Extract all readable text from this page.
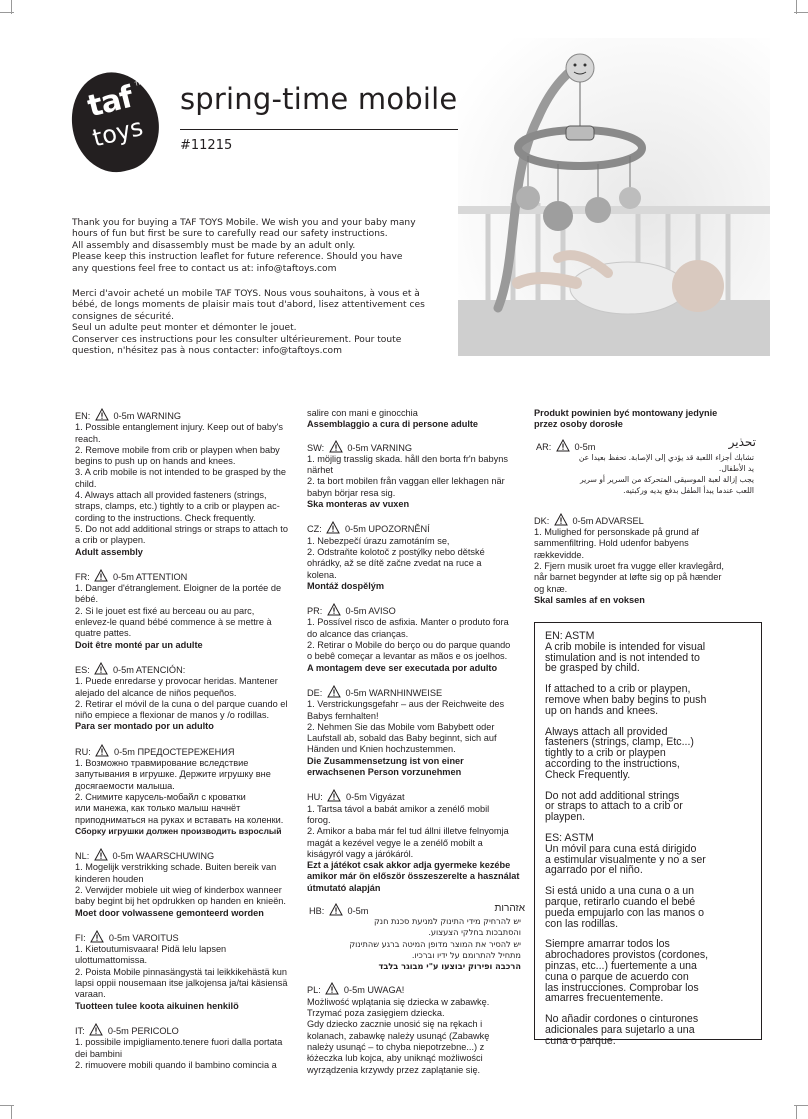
taf
TM
toys
spring-time mobile
#11215
Thank you for buying a TAF TOYS Mobile. We wish you and your baby many
hours of fun but first be sure to carefully read our safety instructions.
All assembly and disassembly must be made by an adult only.
Please keep this instruction leaflet for future reference. Should you have
any questions feel free to contact us at: info@taftoys.com
Merci d'avoir acheté un mobile TAF TOYS. Nous vous souhaitons, à vous et à
bébé, de longs moments de plaisir mais tout d'abord, lisez attentivement ces
consignes de sécurité.
Seul un adulte peut monter et démonter le jouet.
Conserver ces instructions pour les consulter ultérieurement. Pour toute
question, n'hésitez pas à nous contacter: info@taftoys.com
EN:	0-5m WARNING
1. Possible entanglement injury. Keep out of baby's
reach.
2. Remove mobile from crib or playpen when baby
begins to push up on hands and knees.
3. A crib mobile is not intended to be grasped by the
child.
4. Always attach all provided fasteners (strings,
straps, clamps, etc.) tightly to a crib or playpen ac-
cording to the instructions. Check frequently.
5. Do not add additional strings or straps to attach to
a crib or playpen.
Adult assembly
FR:	0-5m ATTENTION
1. Danger d'étranglement. Eloigner de la portée de
bébé.
2. Si le jouet est fixé au berceau ou au parc,
enlevez-le quand bébé commence à se mettre à
quatre pattes.
Doit être monté par un adulte
ES:	0-5m ATENCIÓN:
1. Puede enredarse y provocar heridas. Mantener
alejado del alcance de niños pequeños.
2. Retirar el móvil de la cuna o del parque cuando el
niño empiece a flexionar de manos y /o rodillas.
Para ser montado por un adulto
RU:	0-5m ПРЕДОСТЕРЕЖЕНИЯ
1. Возможно травмирование вследствие
запутывания в игрушке. Держите игрушку вне
досягаемости малыша.
2. Снимите карусель-мобайл с кроватки
или манежа, как только малыш начнёт
приподниматься на руках и вставать на коленки.
Сборку игрушки должен производить взрослый
NL:	0-5m WAARSCHUWING
1. Mogelijk verstrikking schade. Buiten bereik van
kinderen houden
2. Verwijder mobiele uit wieg of kinderbox wanneer
baby begint bij het opdrukken op handen en knieën.
Moet door volwassene gemonteerd worden
FI:	0-5m VAROITUS
1. Kietoutumisvaara! Pidä lelu lapsen
ulottumattomissa.
2. Poista Mobile pinnasängystä tai leikkikehästä kun
lapsi oppii nousemaan itse jalkojensa ja/tai käsiensä
varaan.
Tuotteen tulee koota aikuinen henkilö
IT:	0-5m PERICOLO
1. possibile impigliamento.tenere fuori dalla portata
dei bambini
2. rimuovere mobili quando il bambino comincia a
salire con mani e ginocchia
Assemblaggio a cura di persone adulte
SW:	0-5m VARNING
1. möjlig trasslig skada. håll den borta fr'n babyns
närhet
2. ta bort mobilen från vaggan eller lekhagen när
babyn börjar resa sig.
Ska monteras av vuxen
CZ:	0-5m UPOZORNĚNÍ
1. Nebezpečí úrazu zamotáním se,
2. Odstraňte kolotoč z postýlky nebo dětské
ohrádky, až se dítě začne zvedat na ruce a
kolena.
Montáž dospělým
PR:	0-5m AVISO
1. Possível risco de asfixia. Manter o produto fora
do alcance das crianças.
2. Retirar o Mobile do berço ou do parque quando
o bebê começar a levantar as mãos e os joelhos.
A montagem deve ser executada por adulto
DE:	0-5m WARNHINWEISE
1. Verstrickungsgefahr – aus der Reichweite des
Babys fernhalten!
2. Nehmen Sie das Mobile vom Babybett oder
Laufstall ab, sobald das Baby beginnt, sich auf
Händen und Knien hochzustemmen.
Die Zusammensetzung ist von einer
erwachsenen Person vorzunehmen
HU:	0-5m Vigyázat
1. Tartsa távol a babát amikor a zenélő mobil
forog.
2. Amikor a baba már fel tud állni illetve felnyomja
magát a kezével vegye le a zenélő mobilt a
kiságyról vagy a járókáról.
Ezt a játékot csak akkor adja gyermeke kezébe
amikor már ön először összeszerelte a használat
útmutató alapján
HB:	0-5m	אזהרות
יש להרחיק מידי התינוק למניעת סכנת חנק
והסתבכות בחלקי הצעצוע.
יש להסיר את המוצר מדופן המיטה ברגע שהתינוק
מתחיל להתרומם על ידיו וברכיו.
הרכבה ופירוק יבוצעו ע"י מבוגר בלבד
PL:	0-5m UWAGA!
Możliwość wplątania się dziecka w zabawkę.
Trzymać poza zasięgiem dziecka.
Gdy dziecko zacznie unosić się na rękach i
kolanach, zabawkę należy usunąć (Zabawkę
należy usunąć – to chyba niepotrzebne...) z
łóżeczka lub kojca, aby uniknąć możliwości
wyrządzenia krzywdy przez zaplątanie się.
Produkt powinien być montowany jedynie
przez osoby dorosłe
AR:	0-5m	تحذير
تشابك أجزاء اللعبة قد يؤدي إلى الإصابة. تحفظ بعيدا عن
يد الأطفال.
يجب إزالة لعبة الموسيقى المتحركة من السرير أو سرير
اللعب عندما يبدأ الطفل بدفع يديه وركبتيه.
DK:	0-5m ADVARSEL
1. Mulighed for personskade på grund af
sammenfiltring. Hold udenfor babyens
rækkevidde.
2. Fjern musik uroet fra vugge eller kravlegård,
når barnet begynder at løfte sig op på hænder
og knæ.
Skal samles af en voksen
EN: ASTM
A crib mobile is intended for visual
stimulation and is not intended to
be grasped by child.
If attached to a crib or playpen,
remove when baby begins to push
up on hands and knees.
Always attach all provided
fasteners (strings, clamp, Etc...)
tightly to a crib or playpen
according to the instructions,
Check Frequently.
Do not add additional strings
or straps to attach to a crib or
playpen.
ES: ASTM
Un móvil para cuna está dirigido
a estimular visualmente y no a ser
agarrado por el niño.
Si está unido a una cuna o a un
parque, retirarlo cuando el bebé
pueda empujarlo con las manos o
con las rodillas.
Siempre amarrar todos los
abrochadores provistos (cordones,
pinzas, etc...) fuertemente a una
cuna o parque de acuerdo con
las instrucciones. Comprobar los
amarres frecuentemente.
No añadir cordones o cinturones
adicionales para sujetarlo a una
cuna o parque.
